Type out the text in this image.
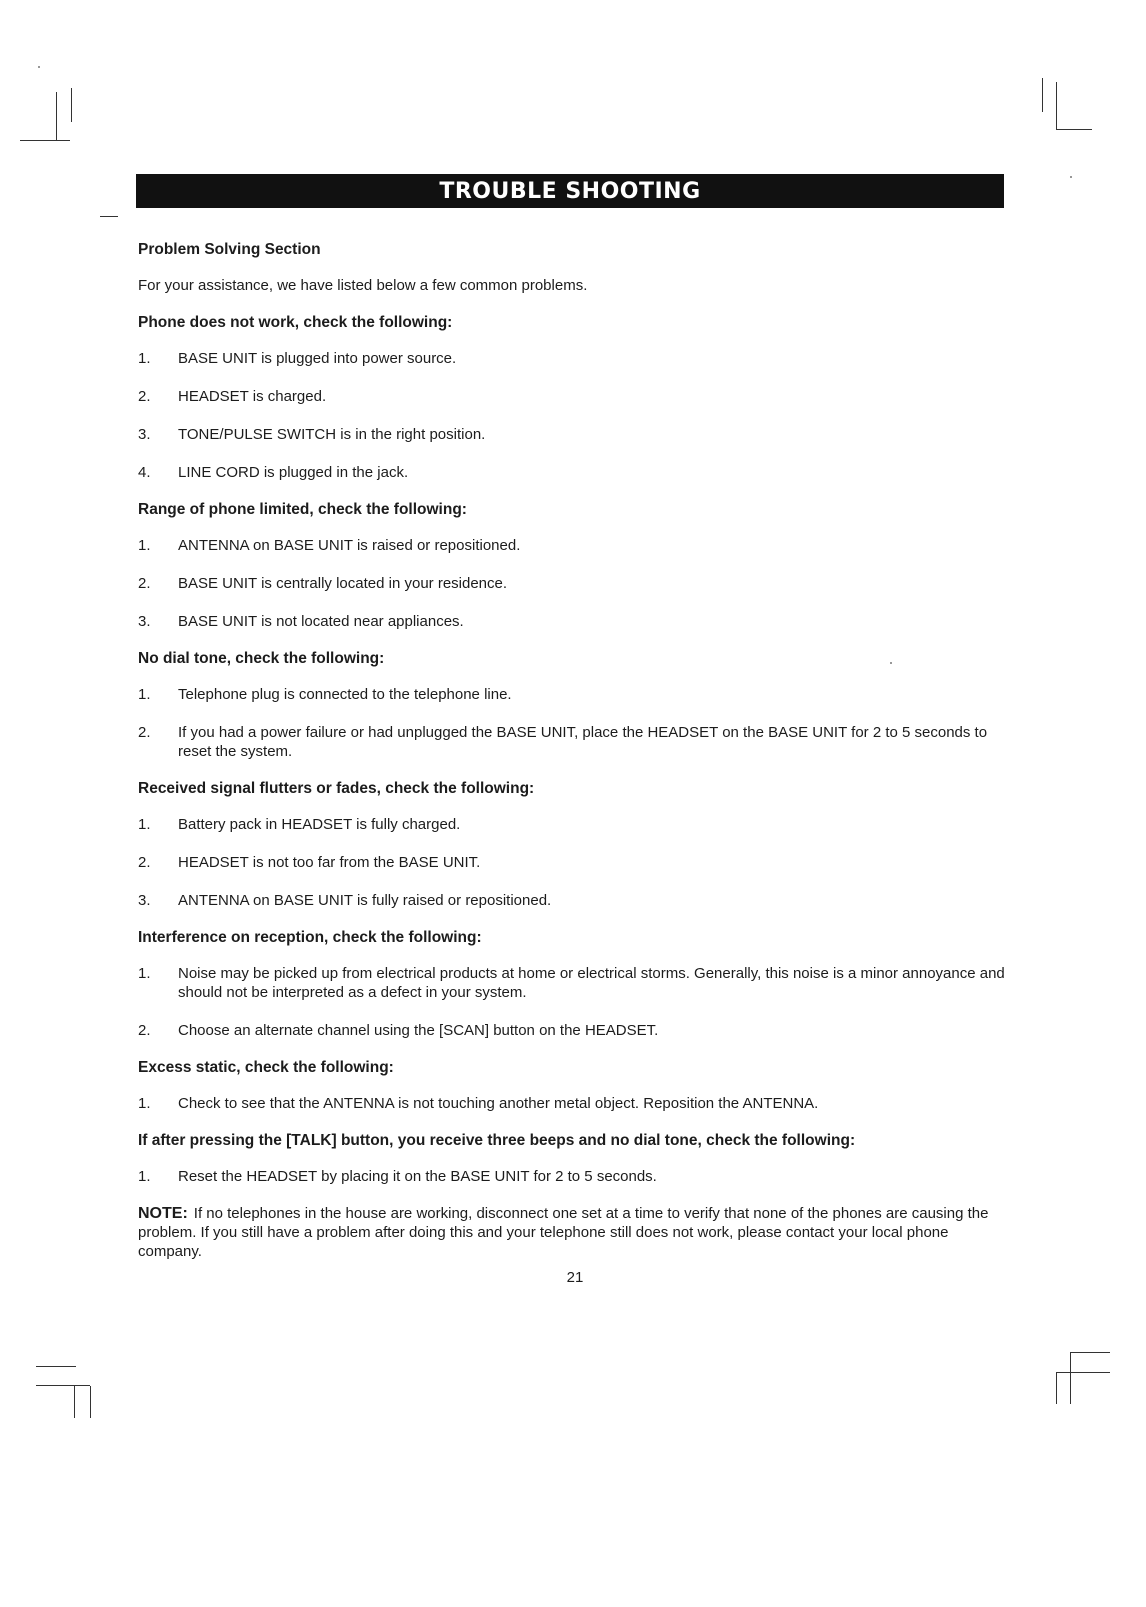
TROUBLE SHOOTING
Problem Solving Section
For your assistance, we have listed below a few common problems.
Phone does not work, check the following:
1.	BASE UNIT is plugged into power source.
2.	HEADSET is charged.
3.	TONE/PULSE SWITCH is in the right position.
4.	LINE CORD is plugged in the jack.
Range of phone limited, check the following:
1.	ANTENNA on BASE UNIT is raised or repositioned.
2.	BASE UNIT is centrally located in your residence.
3.	BASE UNIT is not located near appliances.
No dial tone, check the following:
1.	Telephone plug is connected to the telephone line.
2.	If you had a power failure or had unplugged the BASE UNIT, place the HEADSET on the BASE UNIT for 2 to 5 seconds to reset the system.
Received signal flutters or fades, check the following:
1.	Battery pack in HEADSET is fully charged.
2.	HEADSET is not too far from the BASE UNIT.
3.	ANTENNA on BASE UNIT is fully raised or repositioned.
Interference on reception, check the following:
1.	Noise may be picked up from electrical products at home or electrical storms. Generally, this noise is a minor annoyance and should not be interpreted as a defect in your system.
2.	Choose an alternate channel using the [SCAN] button on the HEADSET.
Excess static, check the following:
1.	Check to see that the ANTENNA is not touching another metal object. Reposition the ANTENNA.
If after pressing the [TALK] button, you receive three beeps and no dial tone, check the following:
1.	Reset the HEADSET by placing it on the BASE UNIT for 2 to 5 seconds.
NOTE: If no telephones in the house are working, disconnect one set at a time to verify that none of the phones are causing the problem. If you still have a problem after doing this and your telephone still does not work, please contact your local phone company.
21
